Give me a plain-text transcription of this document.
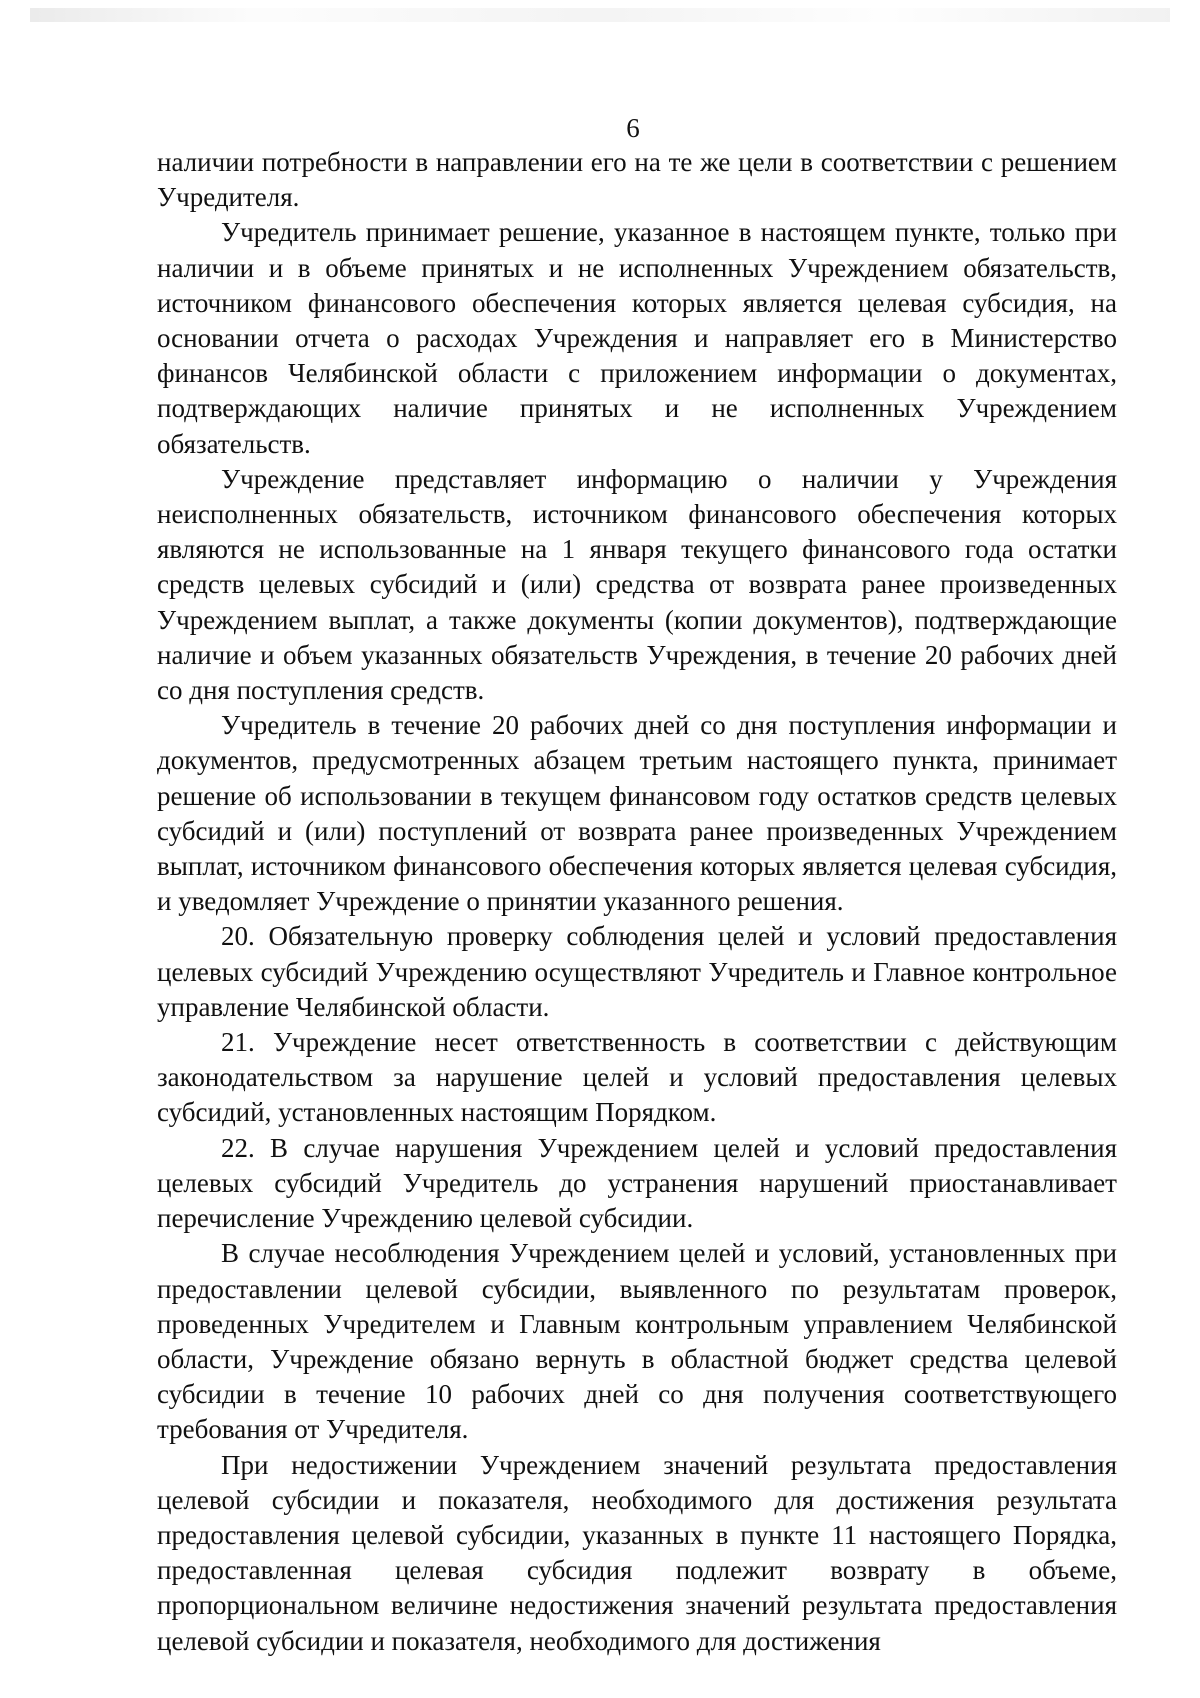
6

наличии потребности в направлении его на те же цели в соответствии с решением Учредителя.

Учредитель принимает решение, указанное в настоящем пункте, только при наличии и в объеме принятых и не исполненных Учреждением обязательств, источником финансового обеспечения которых является целевая субсидия, на основании отчета о расходах Учреждения и направляет его в Министерство финансов Челябинской области с приложением информации о документах, подтверждающих наличие принятых и не исполненных Учреждением обязательств.

Учреждение представляет информацию о наличии у Учреждения неисполненных обязательств, источником финансового обеспечения которых являются не использованные на 1 января текущего финансового года остатки средств целевых субсидий и (или) средства от возврата ранее произведенных Учреждением выплат, а также документы (копии документов), подтверждающие наличие и объем указанных обязательств Учреждения, в течение 20 рабочих дней со дня поступления средств.

Учредитель в течение 20 рабочих дней со дня поступления информации и документов, предусмотренных абзацем третьим настоящего пункта, принимает решение об использовании в текущем финансовом году остатков средств целевых субсидий и (или) поступлений от возврата ранее произведенных Учреждением выплат, источником финансового обеспечения которых является целевая субсидия, и уведомляет Учреждение о принятии указанного решения.

20. Обязательную проверку соблюдения целей и условий предоставления целевых субсидий Учреждению осуществляют Учредитель и Главное контрольное управление Челябинской области.

21. Учреждение несет ответственность в соответствии с действующим законодательством за нарушение целей и условий предоставления целевых субсидий, установленных настоящим Порядком.

22. В случае нарушения Учреждением целей и условий предоставления целевых субсидий Учредитель до устранения нарушений приостанавливает перечисление Учреждению целевой субсидии.

В случае несоблюдения Учреждением целей и условий, установленных при предоставлении целевой субсидии, выявленного по результатам проверок, проведенных Учредителем и Главным контрольным управлением Челябинской области, Учреждение обязано вернуть в областной бюджет средства целевой субсидии в течение 10 рабочих дней со дня получения соответствующего требования от Учредителя.

При недостижении Учреждением значений результата предоставления целевой субсидии и показателя, необходимого для достижения результата предоставления целевой субсидии, указанных в пункте 11 настоящего Порядка, предоставленная целевая субсидия подлежит возврату в объеме, пропорциональном величине недостижения значений результата предоставления целевой субсидии и показателя, необходимого для достижения
